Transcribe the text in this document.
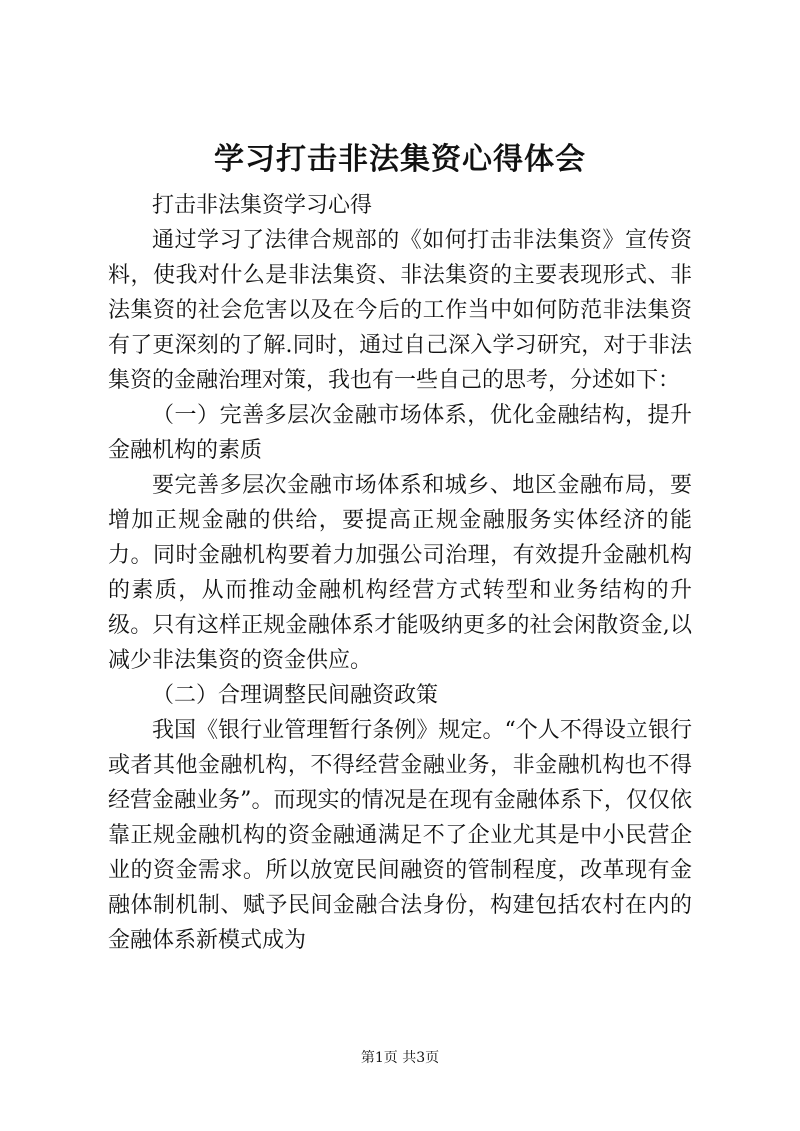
学习打击非法集资心得体会

打击非法集资学习心得

通过学习了法律合规部的《如何打击非法集资》宣传资料，使我对什么是非法集资、非法集资的主要表现形式、非法集资的社会危害以及在今后的工作当中如何防范非法集资有了更深刻的了解.同时，通过自己深入学习研究，对于非法集资的金融治理对策，我也有一些自己的思考，分述如下：

（一）完善多层次金融市场体系，优化金融结构，提升金融机构的素质

要完善多层次金融市场体系和城乡、地区金融布局，要增加正规金融的供给，要提高正规金融服务实体经济的能力。同时金融机构要着力加强公司治理，有效提升金融机构的素质，从而推动金融机构经营方式转型和业务结构的升级。只有这样正规金融体系才能吸纳更多的社会闲散资金,以减少非法集资的资金供应。

（二）合理调整民间融资政策

我国《银行业管理暂行条例》规定。“个人不得设立银行或者其他金融机构，不得经营金融业务，非金融机构也不得经营金融业务”。而现实的情况是在现有金融体系下，仅仅依靠正规金融机构的资金融通满足不了企业尤其是中小民营企业的资金需求。所以放宽民间融资的管制程度，改革现有金融体制机制、赋予民间金融合法身份，构建包括农村在内的金融体系新模式成为

第1页 共3页
